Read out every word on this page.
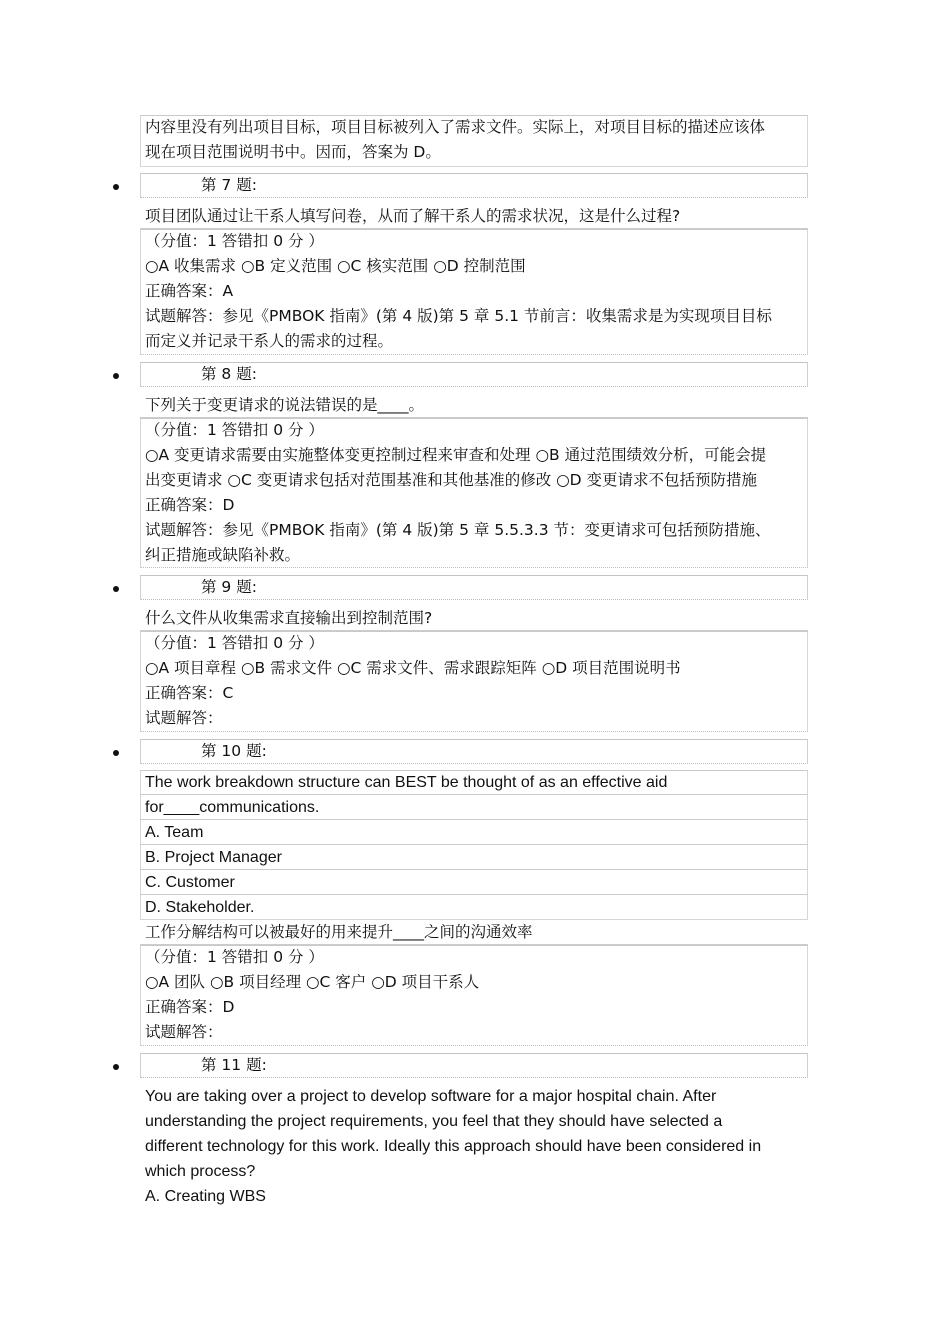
内容里没有列出项目目标，项目目标被列入了需求文件。实际上，对项目目标的描述应该体
现在项目范围说明书中。因而，答案为 D。
第 7 题:
项目团队通过让干系人填写问卷，从而了解干系人的需求状况，这是什么过程?
（分值：1 答错扣 0 分 ）
○A 收集需求 ○B 定义范围 ○C 核实范围 ○D 控制范围
正确答案：A
试题解答：参见《PMBOK 指南》(第 4 版)第 5 章 5.1 节前言：收集需求是为实现项目目标
而定义并记录干系人的需求的过程。
第 8 题:
下列关于变更请求的说法错误的是____。
（分值：1 答错扣 0 分 ）
○A 变更请求需要由实施整体变更控制过程来审查和处理 ○B 通过范围绩效分析，可能会提
出变更请求 ○C 变更请求包括对范围基准和其他基准的修改 ○D 变更请求不包括预防措施
正确答案：D
试题解答：参见《PMBOK 指南》(第 4 版)第 5 章 5.5.3.3 节：变更请求可包括预防措施、
纠正措施或缺陷补救。
第 9 题:
什么文件从收集需求直接输出到控制范围?
（分值：1 答错扣 0 分 ）
○A 项目章程 ○B 需求文件 ○C 需求文件、需求跟踪矩阵 ○D 项目范围说明书
正确答案：C
试题解答：
第 10 题:
The work breakdown structure can BEST be thought of as an effective aid
for____communications.
A. Team
B. Project Manager
C. Customer
D. Stakeholder.
工作分解结构可以被最好的用来提升____之间的沟通效率
（分值：1 答错扣 0 分 ）
○A 团队 ○B 项目经理 ○C 客户 ○D 项目干系人
正确答案：D
试题解答：
第 11 题:
You are taking over a project to develop software for a major hospital chain. After
understanding the project requirements, you feel that they should have selected a
different technology for this work. Ideally this approach should have been considered in
which process?
A. Creating WBS
